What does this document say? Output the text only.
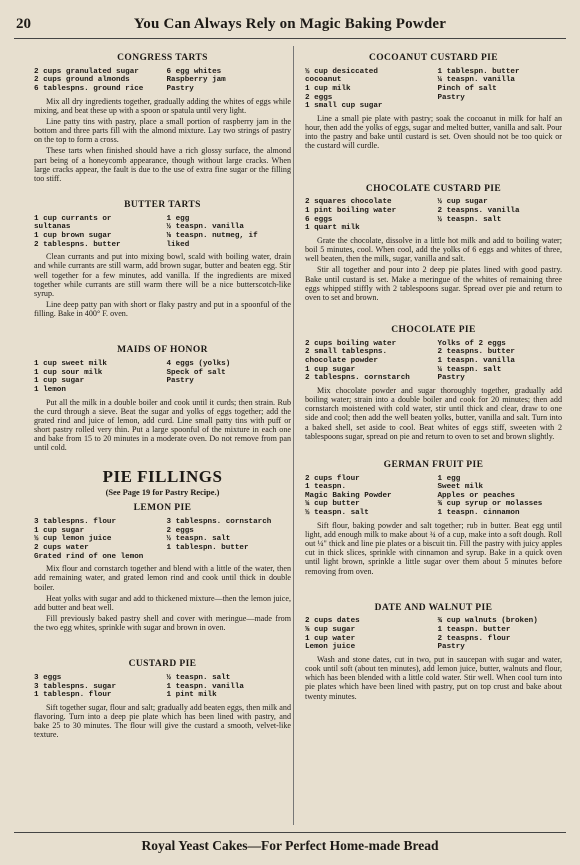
20	You Can Always Rely on Magic Baking Powder
CONGRESS TARTS
2 cups granulated sugar	6 egg whites
2 cups ground almonds	Raspberry jam
6 tablespns. ground rice	Pastry

Mix all dry ingredients together, gradually adding the whites of eggs while mixing, and beat these up with a spoon or spatula until very light.

Line patty tins with pastry, place a small portion of raspberry jam in the bottom and three parts fill with the almond mixture. Lay two strings of pastry on the top to form a cross.

These tarts when finished should have a rich glossy surface, the almond part being of a honeycomb appearance, though without large cracks. When large cracks appear, the fault is due to the use of extra fine sugar or the filling too stiff.

BUTTER TARTS
1 cup currants or	1 egg
sultanas	½ teaspn. vanilla
1 cup brown sugar	⅛ teaspn. nutmeg, if
2 tablespns. butter	liked

Clean currants and put into mixing bowl, scald with boiling water, drain and while currants are still warm, add brown sugar, butter and beaten egg. Stir well together for a few minutes, add vanilla. If the ingredients are mixed together while currants are still warm there will be a nice butterscotch-like syrup.

Line deep patty pan with short or flaky pastry and put in a spoonful of the filling. Bake in 400° F. oven.

MAIDS OF HONOR
1 cup sweet milk	4 eggs (yolks)
1 cup sour milk	Speck of salt
1 cup sugar	Pastry
1 lemon

Put all the milk in a double boiler and cook until it curds; then strain. Rub the curd through a sieve. Beat the sugar and yolks of eggs together; add the grated rind and juice of lemon, add curd. Line small patty tins with puff or short pastry rolled very thin. Put a large spoonful of the mixture in each one and bake from 15 to 20 minutes in a moderate oven. Do not remove from pan until cold.

PIE FILLINGS
(See Page 19 for Pastry Recipe.)
LEMON PIE
3 tablespns. flour	3 tablespns. cornstarch
1 cup sugar	2 eggs
½ cup lemon juice	½ teaspn. salt
2 cups water	1 tablespn. butter
Grated rind of one lemon

Mix flour and cornstarch together and blend with a little of the water, then add remaining water, and grated lemon rind and cook until thick in double boiler.

Heat yolks with sugar and add to thickened mixture—then the lemon juice, add butter and beat well.

Fill previously baked pastry shell and cover with meringue—made from the two egg whites, sprinkle with sugar and brown in oven.

CUSTARD PIE
3 eggs	½ teaspn. salt
3 tablespns. sugar	1 teaspn. vanilla
1 tablespn. flour	1 pint milk

Sift together sugar, flour and salt; gradually add beaten eggs, then milk and flavoring. Turn into a deep pie plate which has been lined with pastry, and bake 25 to 30 minutes. The flour will give the custard a smooth, velvet-like texture.

COCOANUT CUSTARD PIE
½ cup desiccated	1 tablespn. butter
cocoanut	¼ teaspn. vanilla
1 cup milk	Pinch of salt
2 eggs	Pastry
1 small cup sugar

Line a small pie plate with pastry; soak the cocoanut in milk for half an hour, then add the yolks of eggs, sugar and melted butter, vanilla and salt. Pour into the pastry and bake until custard is set. Oven should not be too quick or the custard will curdle.

CHOCOLATE CUSTARD PIE
2 squares chocolate	½ cup sugar
1 pint boiling water	2 teaspns. vanilla
6 eggs	½ teaspn. salt
1 quart milk

Grate the chocolate, dissolve in a little hot milk and add to boiling water; boil 5 minutes, cool. When cool, add the yolks of 6 eggs and whites of three, well beaten, then the milk, sugar, vanilla and salt.

Stir all together and pour into 2 deep pie plates lined with good pastry. Bake until custard is set. Make a meringue of the whites of remaining three eggs whipped stiffly with 2 tablespoons sugar. Spread over pie and return to oven to set and brown.

CHOCOLATE PIE
2 cups boiling water	Yolks of 2 eggs
2 small tablespns.	2 teaspns. butter
chocolate powder	1 teaspn. vanilla
1 cup sugar	¼ teaspn. salt
2 tablespns. cornstarch	Pastry

Mix chocolate powder and sugar thoroughly together, gradually add boiling water; strain into a double boiler and cook for 20 minutes; then add cornstarch moistened with cold water, stir until thick and clear, draw to one side and cool; then add the well beaten yolks, butter, vanilla and salt. Turn into a baked shell, set aside to cool. Beat whites of eggs stiff, sweeten with 2 tablespoons sugar, spread on pie and return to oven to set and brown slightly.

GERMAN FRUIT PIE
2 cups flour	1 egg
1 teaspn.	Sweet milk
Magic Baking Powder	Apples or peaches
¼ cup butter	¾ cup syrup or molasses
½ teaspn. salt	1 teaspn. cinnamon

Sift flour, baking powder and salt together; rub in butter. Beat egg until light, add enough milk to make about ¾ of a cup, make into a soft dough. Roll out ¼" thick and line pie plates or a biscuit tin. Fill the pastry with juicy apples cut in thick slices, sprinkle with cinnamon and syrup. Bake in a quick oven until light brown, sprinkle a little sugar over them about 5 minutes before removing from oven.

DATE AND WALNUT PIE
2 cups dates	¾ cup walnuts (broken)
⅛ cup sugar	1 teaspn. butter
1 cup water	2 teaspns. flour
Lemon juice	Pastry

Wash and stone dates, cut in two, put in saucepan with sugar and water, cook until soft (about ten minutes), add lemon juice, butter, walnuts and flour, which has been blended with a little cold water. Stir well. When cool turn into pie plates which have been lined with pastry, put on top crust and bake about twenty minutes.

Royal Yeast Cakes—For Perfect Home-made Bread
